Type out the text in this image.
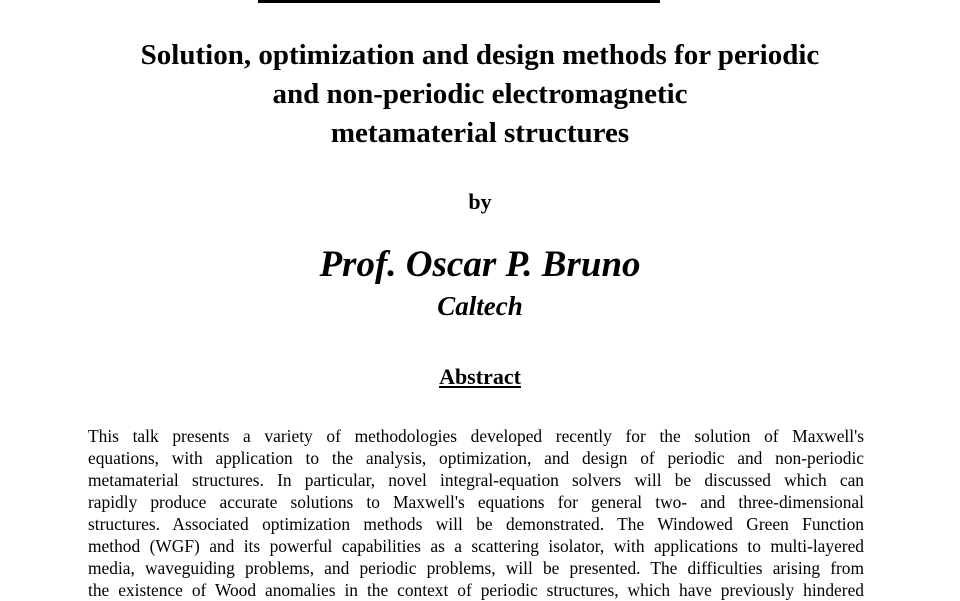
Solution, optimization and design methods for periodic
and non-periodic electromagnetic
metamaterial structures
by
Prof. Oscar P. Bruno
Caltech
Abstract
This talk presents a variety of methodologies developed recently for the solution of Maxwell's
equations, with application to the analysis, optimization, and design of periodic and non-periodic
metamaterial structures. In particular, novel integral-equation solvers will be discussed which can
rapidly produce accurate solutions to Maxwell's equations for general two- and three-dimensional
structures. Associated optimization methods will be demonstrated. The Windowed Green Function
method (WGF) and its powerful capabilities as a scattering isolator, with applications to multi-layered
media, waveguiding problems, and periodic problems, will be presented. The difficulties arising from
the existence of Wood anomalies in the context of periodic structures, which have previously hindered
